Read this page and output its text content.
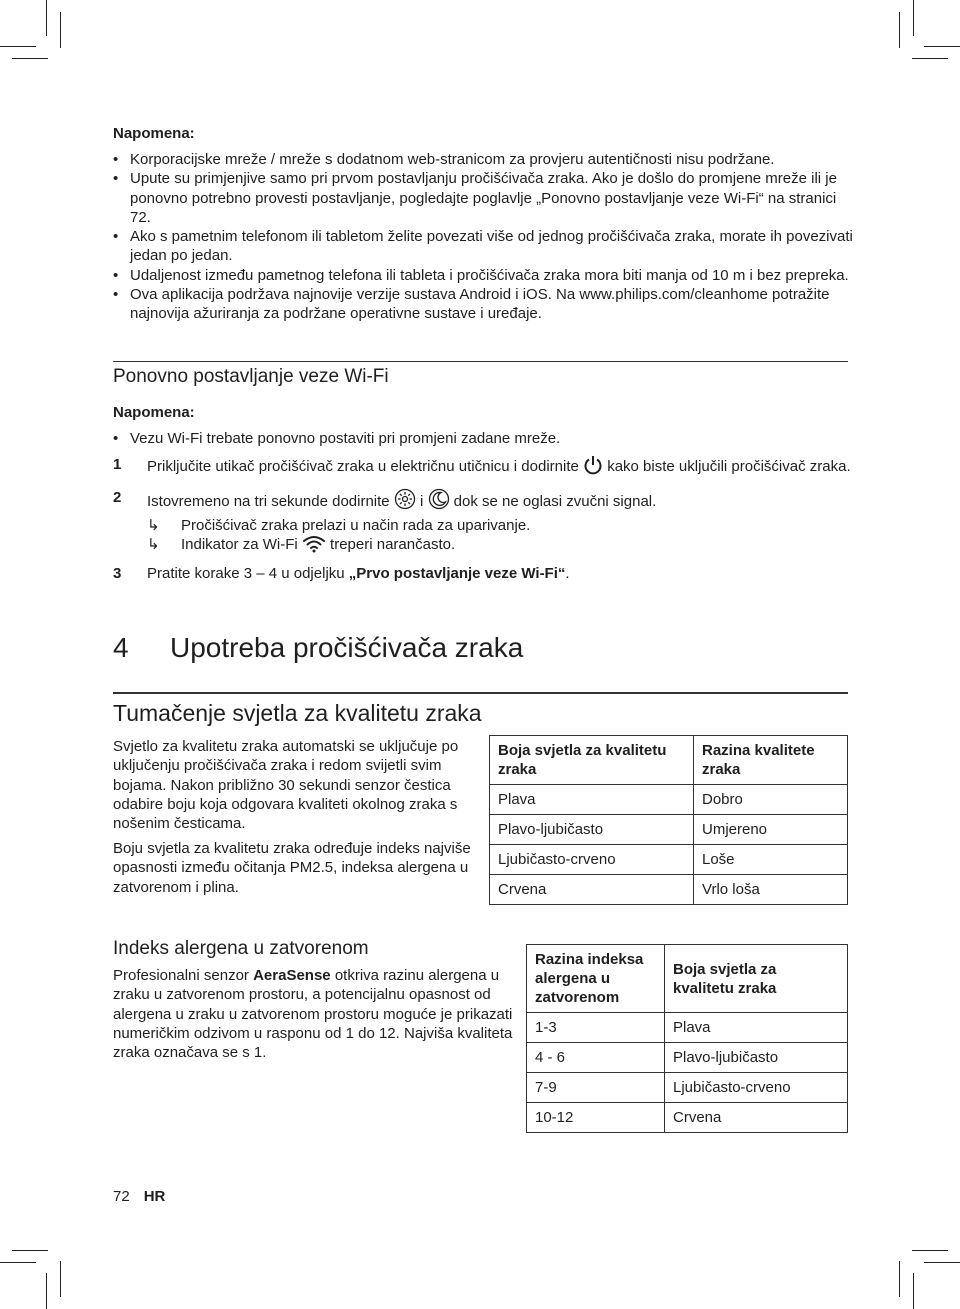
Napomena:
• Korporacijske mreže / mreže s dodatnom web-stranicom za provjeru autentičnosti nisu podržane.
• Upute su primjenjive samo pri prvom postavljanju pročišćivača zraka. Ako je došlo do promjene mreže ili je ponovno potrebno provesti postavljanje, pogledajte poglavlje „Ponovno postavljanje veze Wi-Fi“ na stranici 72.
• Ako s pametnim telefonom ili tabletom želite povezati više od jednog pročišćivača zraka, morate ih povezivati jedan po jedan.
• Udaljenost između pametnog telefona ili tableta i pročišćivača zraka mora biti manja od 10 m i bez prepreka.
• Ova aplikacija podržava najnovije verzije sustava Android i iOS. Na www.philips.com/cleanhome potražite najnovija ažuriranja za podržane operativne sustave i uređaje.
Ponovno postavljanje veze Wi-Fi
Napomena:
• Vezu Wi-Fi trebate ponovno postaviti pri promjeni zadane mreže.
1 Priključite utikač pročišćivač zraka u električnu utičnicu i dodirnite kako biste uključili pročišćivač zraka.
2 Istovremeno na tri sekunde dodirnite i dok se ne oglasi zvučni signal.
↳	Pročišćivač zraka prelazi u način rada za uparivanje.
↳	Indikator za Wi-Fi treperi narančasto.
3 Pratite korake 3 – 4 u odjeljku „Prvo postavljanje veze Wi-Fi“.
4 Upotreba pročišćivača zraka
Tumačenje svjetla za kvalitetu zraka

Svjetlo za kvalitetu zraka automatski se uključuje po uključenju pročišćivača zraka i redom svijetli svim bojama. Nakon približno 30 sekundi senzor čestica odabire boju koja odgovara kvaliteti okolnog zraka s nošenim česticama.

Boju svjetla za kvalitetu zraka određuje indeks najviše opasnosti između očitanja PM2.5, indeksa alergena u zatvorenom i plina.

Boja svjetla za kvalitetu zraka	Razina kvalitete zraka
Plava	Dobro
Plavo-ljubičasto	Umjereno
Ljubičasto-crveno	Loše
Crvena	Vrlo loša
Indeks alergena u zatvorenom

Profesionalni senzor AeraSense otkriva razinu alergena u zraku u zatvorenom prostoru, a potencijalnu opasnost od alergena u zraku u zatvorenom prostoru moguće je prikazati numeričkim odzivom u rasponu od 1 do 12. Najviša kvaliteta zraka označava se s 1.

Razina indeksa alergena u zatvorenom	Boja svjetla za kvalitetu zraka
1-3	Plava
4 - 6	Plavo-ljubičasto
7-9	Ljubičasto-crveno
10-12	Crvena
72 HR
